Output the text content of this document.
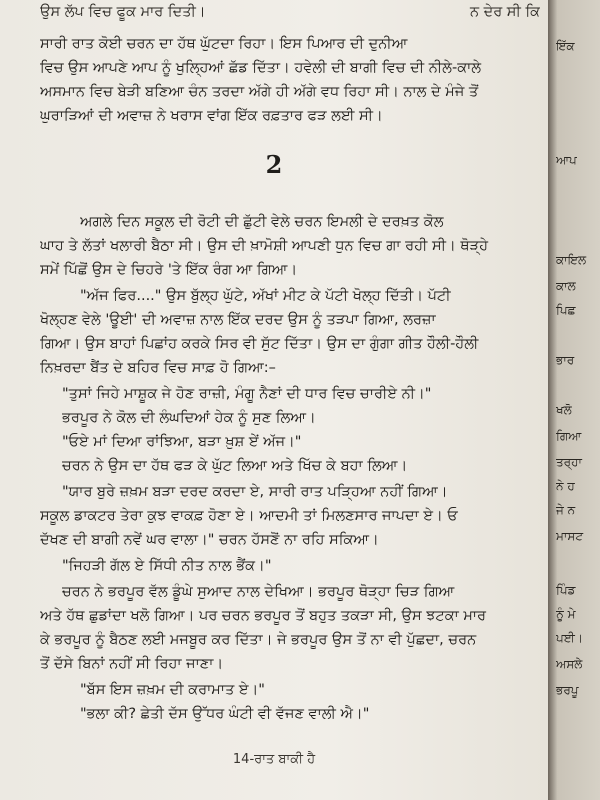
ਉਸ ਲੱਪ ਵਿਚ ਫੂਕ ਮਾਰ ਦਿਤੀ।	ਨ ਦੇਰ ਸੀ ਕਿ
ਸਾਰੀ ਰਾਤ ਕੋਈ ਚਰਨ ਦਾ ਹੱਥ ਘੁੱਟਦਾ ਰਿਹਾ। ਇਸ ਪਿਆਰ ਦੀ ਦੁਨੀਆ
ਵਿਚ ਉਸ ਆਪਣੇ ਆਪ ਨੂੰ ਖੁਲ੍ਹਿਆਂ ਛੱਡ ਦਿੱਤਾ। ਹਵੇਲੀ ਦੀ ਬਾਗੀ ਵਿਚ ਦੀ ਨੀਲੇ-ਕਾਲੇ
ਅਸਮਾਨ ਵਿਚ ਬੇੜੀ ਬਣਿਆ ਚੰਨ ਤਰਦਾ ਅੱਗੇ ਹੀ ਅੱਗੇ ਵਧ ਰਿਹਾ ਸੀ। ਨਾਲ ਦੇ ਮੰਜੇ ਤੋਂ
ਘੁਰਾੜਿਆਂ ਦੀ ਅਵਾਜ਼ ਨੇ ਖਰਾਸ ਵਾਂਗ ਇੱਕ ਰਫ਼ਤਾਰ ਫੜ ਲਈ ਸੀ।
2
ਅਗਲੇ ਦਿਨ ਸਕੂਲ ਦੀ ਰੋਟੀ ਦੀ ਛੁੱਟੀ ਵੇਲੇ ਚਰਨ ਇਮਲੀ ਦੇ ਦਰਖ਼ਤ ਕੋਲ
ਘਾਹ ਤੇ ਲੱਤਾਂ ਖਲਾਰੀ ਬੈਠਾ ਸੀ। ਉਸ ਦੀ ਖ਼ਾਮੋਸ਼ੀ ਆਪਣੀ ਧੁਨ ਵਿਚ ਗਾ ਰਹੀ ਸੀ। ਥੋੜ੍ਹੇ
ਸਮੇਂ ਪਿੱਛੋਂ ਉਸ ਦੇ ਚਿਹਰੇ 'ਤੇ ਇੱਕ ਰੰਗ ਆ ਗਿਆ।
"ਅੱਜ ਫਿਰ...." ਉਸ ਬੁੱਲ੍ਹ ਘੁੱਟੇ, ਅੱਖਾਂ ਮੀਟ ਕੇ ਪੱਟੀ ਖੋਲ੍ਹ ਦਿੱਤੀ। ਪੱਟੀ
ਖੋਲ੍ਹਣ ਵੇਲੇ 'ਊਈ' ਦੀ ਅਵਾਜ਼ ਨਾਲ ਇੱਕ ਦਰਦ ਉਸ ਨੂੰ ਤੜਪਾ ਗਿਆ, ਲਰਜ਼ਾ
ਗਿਆ। ਉਸ ਬਾਹਾਂ ਪਿਛਾਂਹ ਕਰਕੇ ਸਿਰ ਵੀ ਸੁੱਟ ਦਿੱਤਾ। ਉਸ ਦਾ ਗੁੰਗਾ ਗੀਤ ਹੌਲੀ-ਹੌਲੀ
ਨਿਖ਼ਰਦਾ ਬੈਂਤ ਦੇ ਬਹਿਰ ਵਿਚ ਸਾਫ਼ ਹੋ ਗਿਆ:–
"ਤੁਸਾਂ ਜਿਹੇ ਮਾਸ਼ੂਕ ਜੇ ਹੋਣ ਰਾਜ਼ੀ, ਮੰਗੂ ਨੈਣਾਂ ਦੀ ਧਾਰ ਵਿਚ ਚਾਰੀਏ ਨੀ।"
ਭਰਪੂਰ ਨੇ ਕੋਲ ਦੀ ਲੰਘਦਿਆਂ ਹੇਕ ਨੂੰ ਸੁਣ ਲਿਆ।
"ਓਏ ਮਾਂ ਦਿਆ ਰਾਂਝਿਆ, ਬੜਾ ਖ਼ੁਸ਼ ਏਂ ਅੱਜ।"
ਚਰਨ ਨੇ ਉਸ ਦਾ ਹੱਥ ਫੜ ਕੇ ਘੁੱਟ ਲਿਆ ਅਤੇ ਖਿੱਚ ਕੇ ਬਹਾ ਲਿਆ।
"ਯਾਰ ਬੁਰੇ ਜ਼ਖ਼ਮ ਬੜਾ ਦਰਦ ਕਰਦਾ ਏ, ਸਾਰੀ ਰਾਤ ਪੜ੍ਹਿਆ ਨਹੀਂ ਗਿਆ।
ਸਕੂਲ ਡਾਕਟਰ ਤੇਰਾ ਕੁਝ ਵਾਕਫ਼ ਹੋਣਾ ਏ। ਆਦਮੀ ਤਾਂ ਮਿਲਣਸਾਰ ਜਾਪਦਾ ਏ। ਓ
ਦੱਖਣ ਦੀ ਬਾਗੀ ਨਵੇਂ ਘਰ ਵਾਲਾ।" ਚਰਨ ਹੱਸਣੋਂ ਨਾ ਰਹਿ ਸਕਿਆ।
"ਜਿਹੜੀ ਗੱਲ ਏ ਸਿੱਧੀ ਨੀਤ ਨਾਲ ਭੈਂਕ।"
ਚਰਨ ਨੇ ਭਰਪੂਰ ਵੱਲ ਡੂੰਘੇ ਸੁਆਦ ਨਾਲ ਦੇਖਿਆ। ਭਰਪੂਰ ਥੋੜ੍ਹਾ ਚਿੜ ਗਿਆ
ਅਤੇ ਹੱਥ ਛੁਡਾਂਦਾ ਖਲੋ ਗਿਆ। ਪਰ ਚਰਨ ਭਰਪੂਰ ਤੋਂ ਬਹੁਤ ਤਕੜਾ ਸੀ, ਉਸ ਝਟਕਾ ਮਾਰ
ਕੇ ਭਰਪੂਰ ਨੂੰ ਬੈਠਣ ਲਈ ਮਜਬੂਰ ਕਰ ਦਿੱਤਾ। ਜੇ ਭਰਪੂਰ ਉਸ ਤੋਂ ਨਾ ਵੀ ਪੁੱਛਦਾ, ਚਰਨ
ਤੋਂ ਦੱਸੇ ਬਿਨਾਂ ਨਹੀਂ ਸੀ ਰਿਹਾ ਜਾਣਾ।
"ਬੱਸ ਇਸ ਜ਼ਖ਼ਮ ਦੀ ਕਰਾਮਾਤ ਏ।"
"ਭਲਾ ਕੀ? ਛੇਤੀ ਦੱਸ ਉੱਧਰ ਘੰਟੀ ਵੀ ਵੱਜਣ ਵਾਲੀ ਐ।"
14-ਰਾਤ ਬਾਕੀ ਹੈ
ਇੱਕ
ਆਪ
ਕਾਇਲ
ਕਾਲ
ਪਿਛ
ਭਾਰ
ਖਲੋ
ਗਿਆ
ਤਰ੍ਹਾ
ਨੇ ਹ
ਜੇ ਨ
ਮਾਸਟ
ਪਿੰਡ
ਨੂੰ ਮੇ
ਪਈ।
ਅਸਲੇ
ਭਰਪੂ
